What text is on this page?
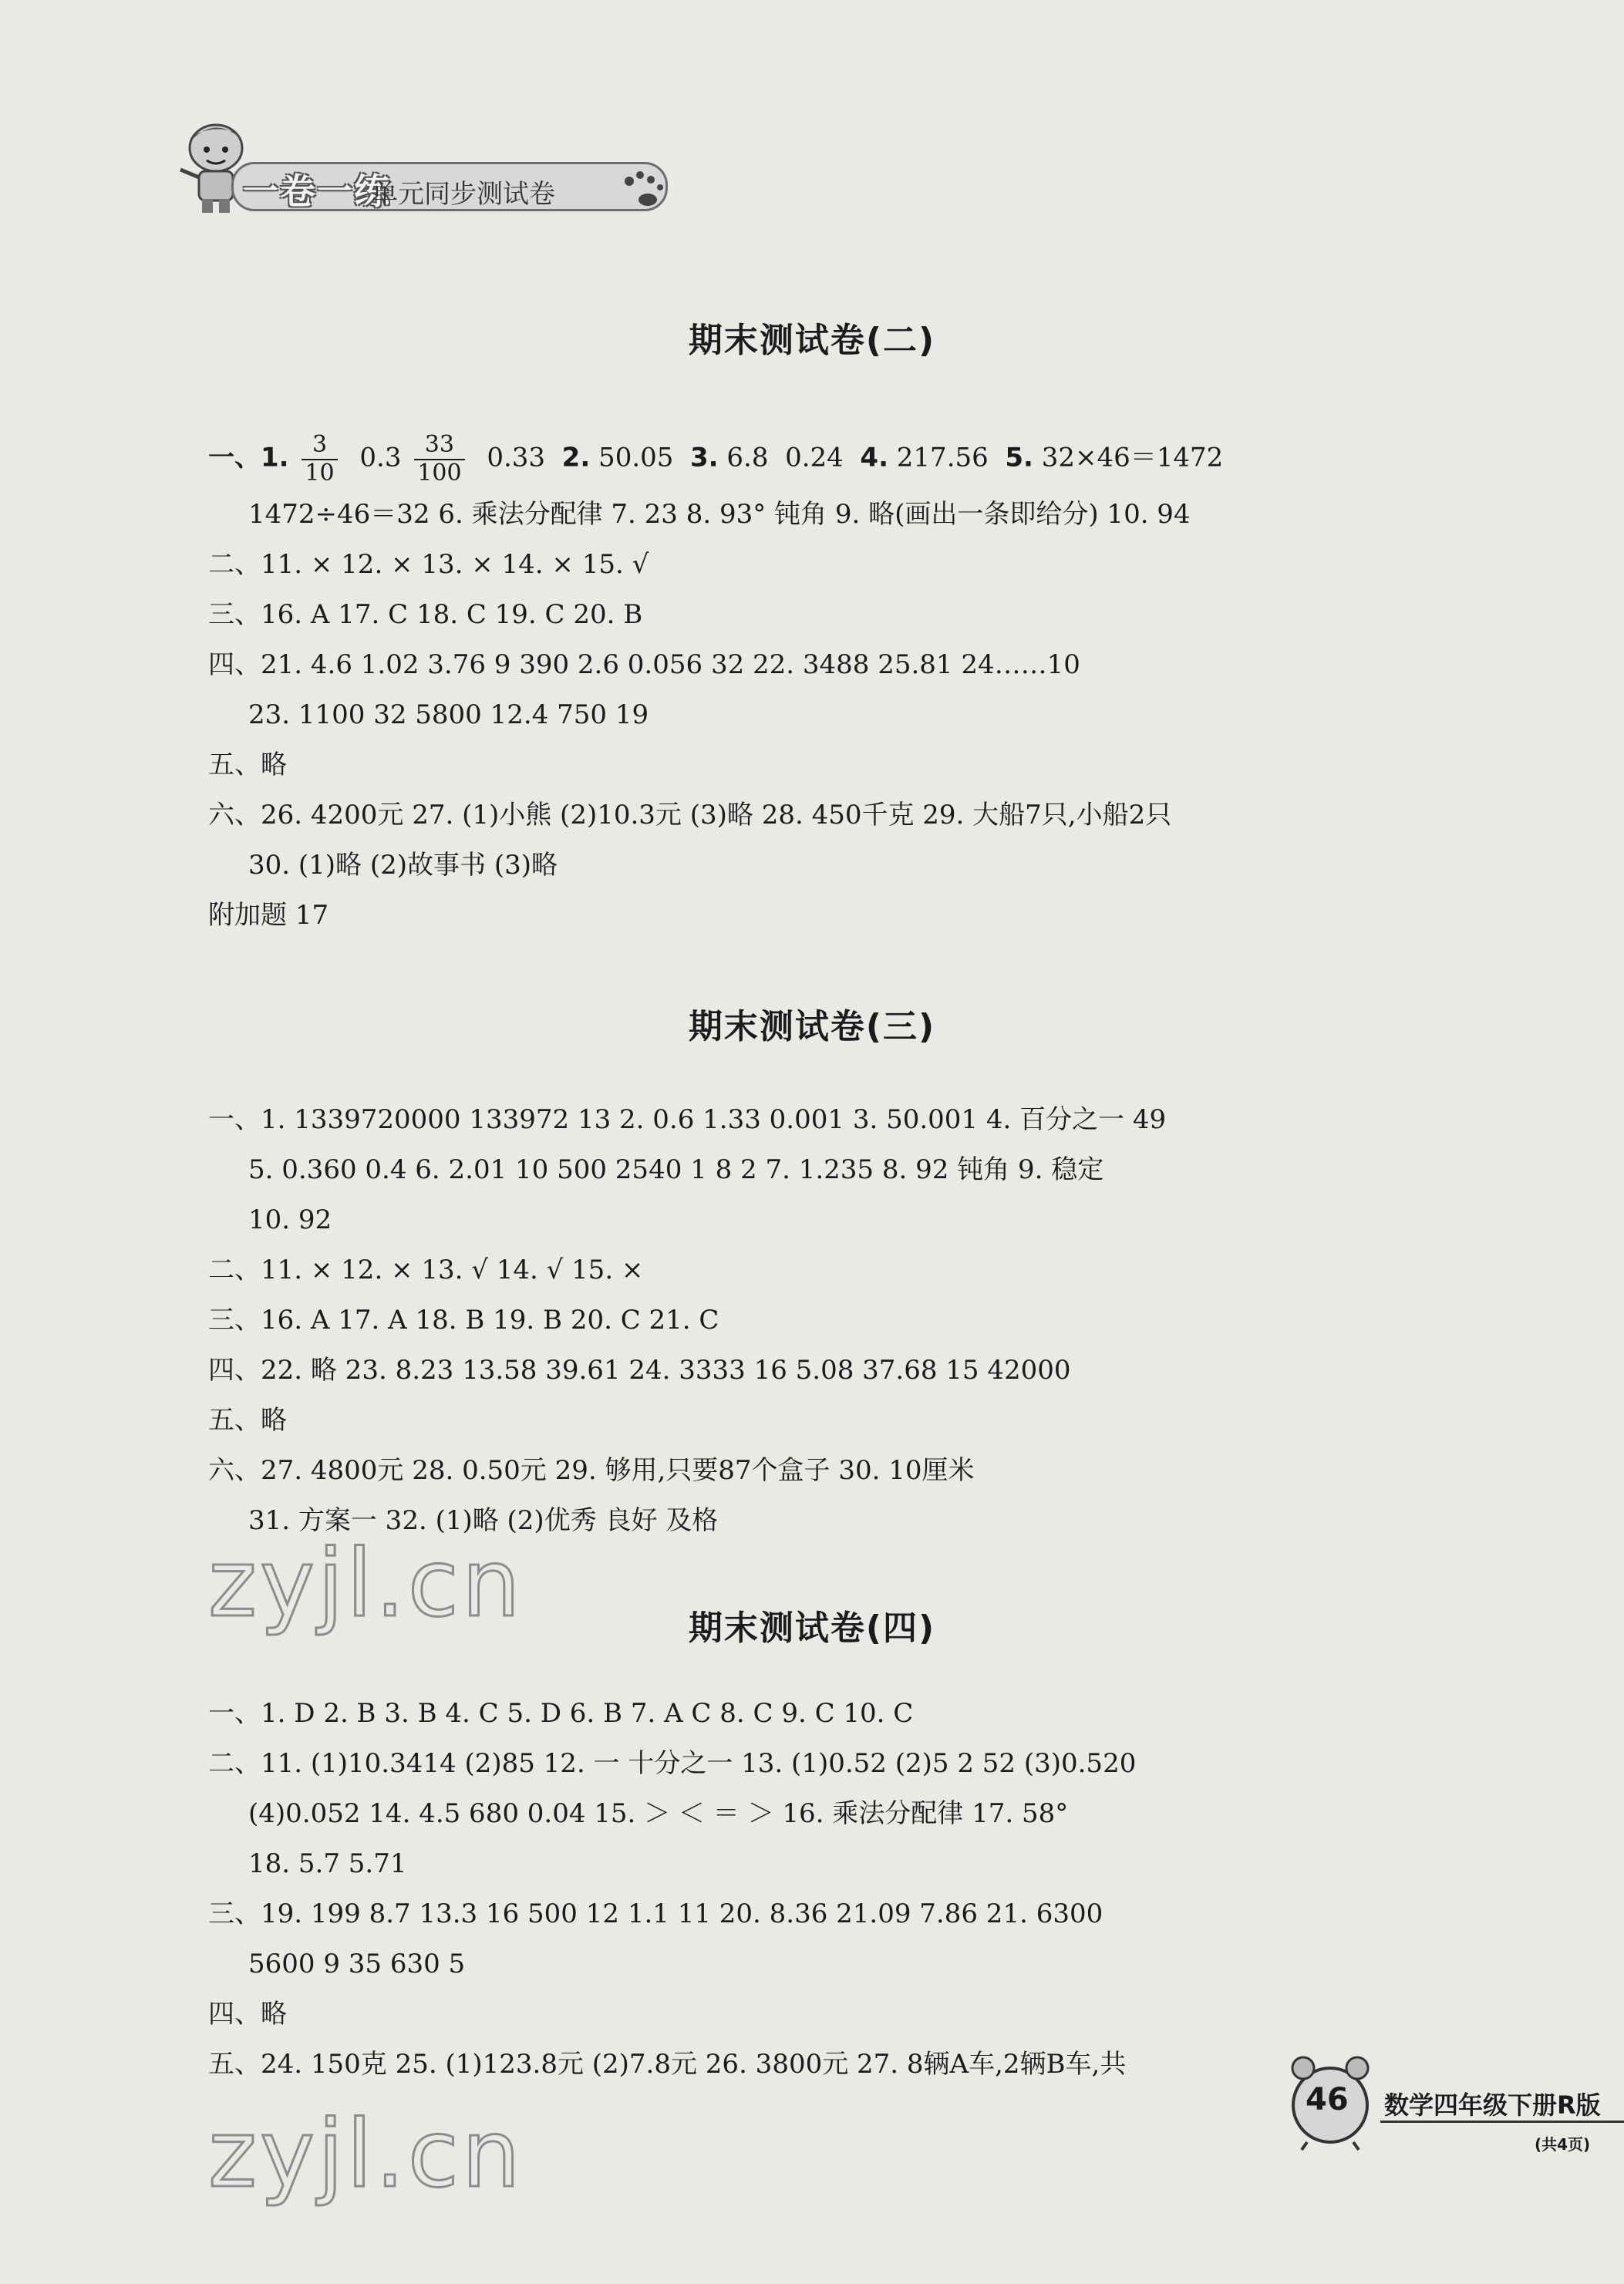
一卷一练
单元同步测试卷
期末测试卷(二)
一、1. $\frac{3}{10} 0.3 \frac{33}{100} 0.33$  2. 50.05  3. 6.8  0.24  4. 217.56  5. 32×46＝1472
1472÷46＝32 6. 乘法分配律 7. 23 8. 93° 钝角 9. 略(画出一条即给分) 10. 94
二、11. × 12. × 13. × 14. × 15. √
三、16. A 17. C 18. C 19. C 20. B
四、21. 4.6 1.02 3.76 9 390 2.6 0.056 32 22. 3488 25.81 24……10
23. 1100 32 5800 12.4 750 19
五、略
六、26. 4200元 27. (1)小熊 (2)10.3元 (3)略 28. 450千克 29. 大船7只,小船2只
30. (1)略 (2)故事书 (3)略
附加题 17
期末测试卷(三)
一、1. 1339720000 133972 13 2. 0.6 1.33 0.001 3. 50.001 4. 百分之一 49
5. 0.360 0.4 6. 2.01 10 500 2540 1 8 2 7. 1.235 8. 92 钝角 9. 稳定
10. 92
二、11. × 12. × 13. √ 14. √ 15. ×
三、16. A 17. A 18. B 19. B 20. C 21. C
四、22. 略 23. 8.23 13.58 39.61 24. 3333 16 5.08 37.68 15 42000
五、略
六、27. 4800元 28. 0.50元 29. 够用,只要87个盒子 30. 10厘米
31. 方案一 32. (1)略 (2)优秀 良好 及格
期末测试卷(四)
一、1. D 2. B 3. B 4. C 5. D 6. B 7. A C 8. C 9. C 10. C
二、11. (1)10.3414 (2)85 12. 一 十分之一 13. (1)0.52 (2)5 2 52 (3)0.520
(4)0.052 14. 4.5 680 0.04 15. ＞ ＜ ＝ ＞ 16. 乘法分配律 17. 58°
18. 5.7 5.71
三、19. 199 8.7 13.3 16 500 12 1.1 11 20. 8.36 21.09 7.86 21. 6300
5600 9 35 630 5
四、略
五、24. 150克 25. (1)123.8元 (2)7.8元 26. 3800元 27. 8辆A车,2辆B车,共
zyjl.cn
zyjl.cn
46 数学四年级下册R版
(共4页)
